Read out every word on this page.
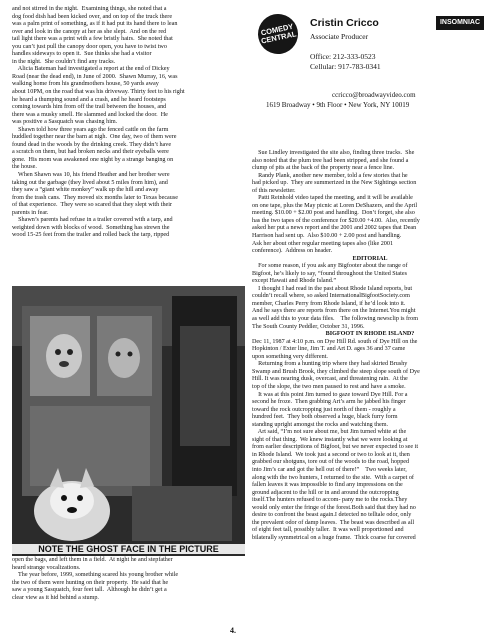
and not stirred in the night.  Examining things, she noted that a

dog food dish had been kicked over, and on top of the truck there

was a palm print of something, as if it had put its hand there to lean

over and look in the canopy at her as she slept.  And on the red

tail light there was a print with a few bristly hairs.  She noted that

you can’t just pull the canopy door open, you have to twist two

handles sideways to open it.  Sue thinks she had a visitor

in the night.  She couldn’t find any tracks.

Alicia Bateman had investigated a report at the end of Dickey

Road (near the dead end), in June of 2000.  Shawn Murray, 16, was

walking home from his grandmothers house, 50 yards away

about 10PM, on the road that was his driveway. Thirty feet to his right

he heard a thumping sound and a crash, and he heard footsteps

coming towards him from off the trail between the houses, and

there was a musky smell. He slammed and locked the door.  He

was positive a Sasquatch was chasing him.

Shawn told how three years ago the fenced cattle on the farm

huddled together near the barn at nigh.  One day, two of them were

found dead in the woods by the drinking creek. They didn’t have

a scratch on them, but had broken necks and their eyeballs were

gone.  His mom was awakened one night by a strange banging on

the house.

When Shawn was 10, his friend Heather and her brother were

taking out the garbage (they lived about 5 miles from him), and

they saw a “giant white monkey” walk up the hill and away

from the trash cans.  They moved six months later to Texas because

of that experience.  They were so scared that they slept with their

parents in fear.

Shawn’s parents had refuse in a trailer covered with a tarp, and

weighted down with blocks of wood.  Something has strewn the

wood 15-25 feet from the trailer and rolled back the tarp, ripped

NOTE THE GHOST FACE IN THE PICTURE

open the bags, and left them in a field.  At night he and stepfather

heard strange vocalizations.

The year before, 1999, something scared his young brother while

the two of them were hunting on their property.  He said that he

saw a young Sasquatch, four feet tall.  Although he didn’t get a

clear view as it hid behind a stump.

COMEDY
CENTRAL
INSOMNIAC
Cristin Cricco
Associate Producer
Office: 212-333-0523
Cellular: 917-783-0341
ccricco@broadwayvideo.com
1619 Broadway • 9th Floor • New York, NY 10019

Sue Lindley investigated the site also, finding three tracks.  She

also noted that the plum tree had been stripped, and she found a

clump of pits at the back of the property near a fence line.

Randy Plank, another new member, told a few stories that he

had picked up.  They are summerized in the New Sightings section

of this newsletter.

Patti Reinhold video taped the meeting, and it will be available

on one tape, plus the May picnic at Loren DeShazers, and the April

meeting. $10.00 + $2.00 post and handling.  Don’t forget, she also

has the two tapes of the conference for $20.00 +4.00.  Also, recently

asked her put a news report and the 2001 and 2002 tapes that Dean

Harrison had sent up.  Also $10.00 + 2.00 post and handling.

Ask her about other regular meeting tapes also (like 2001

conference).  Address on header.

EDITORIAL

For some reason, if you ask any Bigfooter about the range of

Bigfoot, he’s likely to say, “found throughout the United States

except Hawaii and Rhode Island.”

I thought I had read in the past about Rhode Island reports, but

couldn’t recall where, so asked InternationalBigfootSociety.com

member, Charles Perry from Rhode Island, if he’d look into it.

And he says there are reports from there on the Internet.You might

as well add this to your data files.    The following newsclip is from

The South County Peddler, October 31, 1996.

BIGFOOT IN RHODE ISLAND?

Dec 11, 1987 at 4:10 p.m. on Dye Hill Rd. south of Dye Hill on the

Hopkinton / Exter line, Jim T. and Art D. ages 36 and 37 came

upon something very different.

Returning from a hunting trip where they had skirted Brushy

Swamp and Brush Brook, they climbed the steep slope south of Dye

Hill. It was nearing dusk, overcast, and threatening rain.  At the

top of the slope, the two men paused to rest and have a smoke.

It was at this point Jim turned to gaze toward Dye Hill. For a

second he froze.  Then grabbing Art’s arm he jabbed his finger

toward the rock outcropping just north of them - roughly a

hundred feet.  They both observed a huge, black furry form

standing upright amongst the rocks and watching them.

Art said, “I’m not sure about me, but Jim turned white at the

sight of that thing.  We knew instantly what we were looking at

from earlier descriptions of Bigfoot, but we never expected to see it

in Rhode Island.  We took just a second or two to look at it, then

grabbed our shotguns, tore out of the woods to the road, hopped

into Jim’s car and got the hell out of there!”    Two weeks later,

along with the two hunters, I returned to the site.  With a carpet of

fallen leaves it was impossible to find any impressions on the

ground adjacent to the hill or in and around the outcropping

itself.The hunters refused to accom- pany me to the rocks.They

would only enter the fringe of the forest.Both said that they had no

desire to confront the beast again.I detected no telltale odor, only

the prevalent odor of damp leaves.  The beast was described as all

of eight feet tall, possibly taller.  It was well proportioned and

bilaterally symmetrical on a huge frame.  Thick coarse fur covered

4.
